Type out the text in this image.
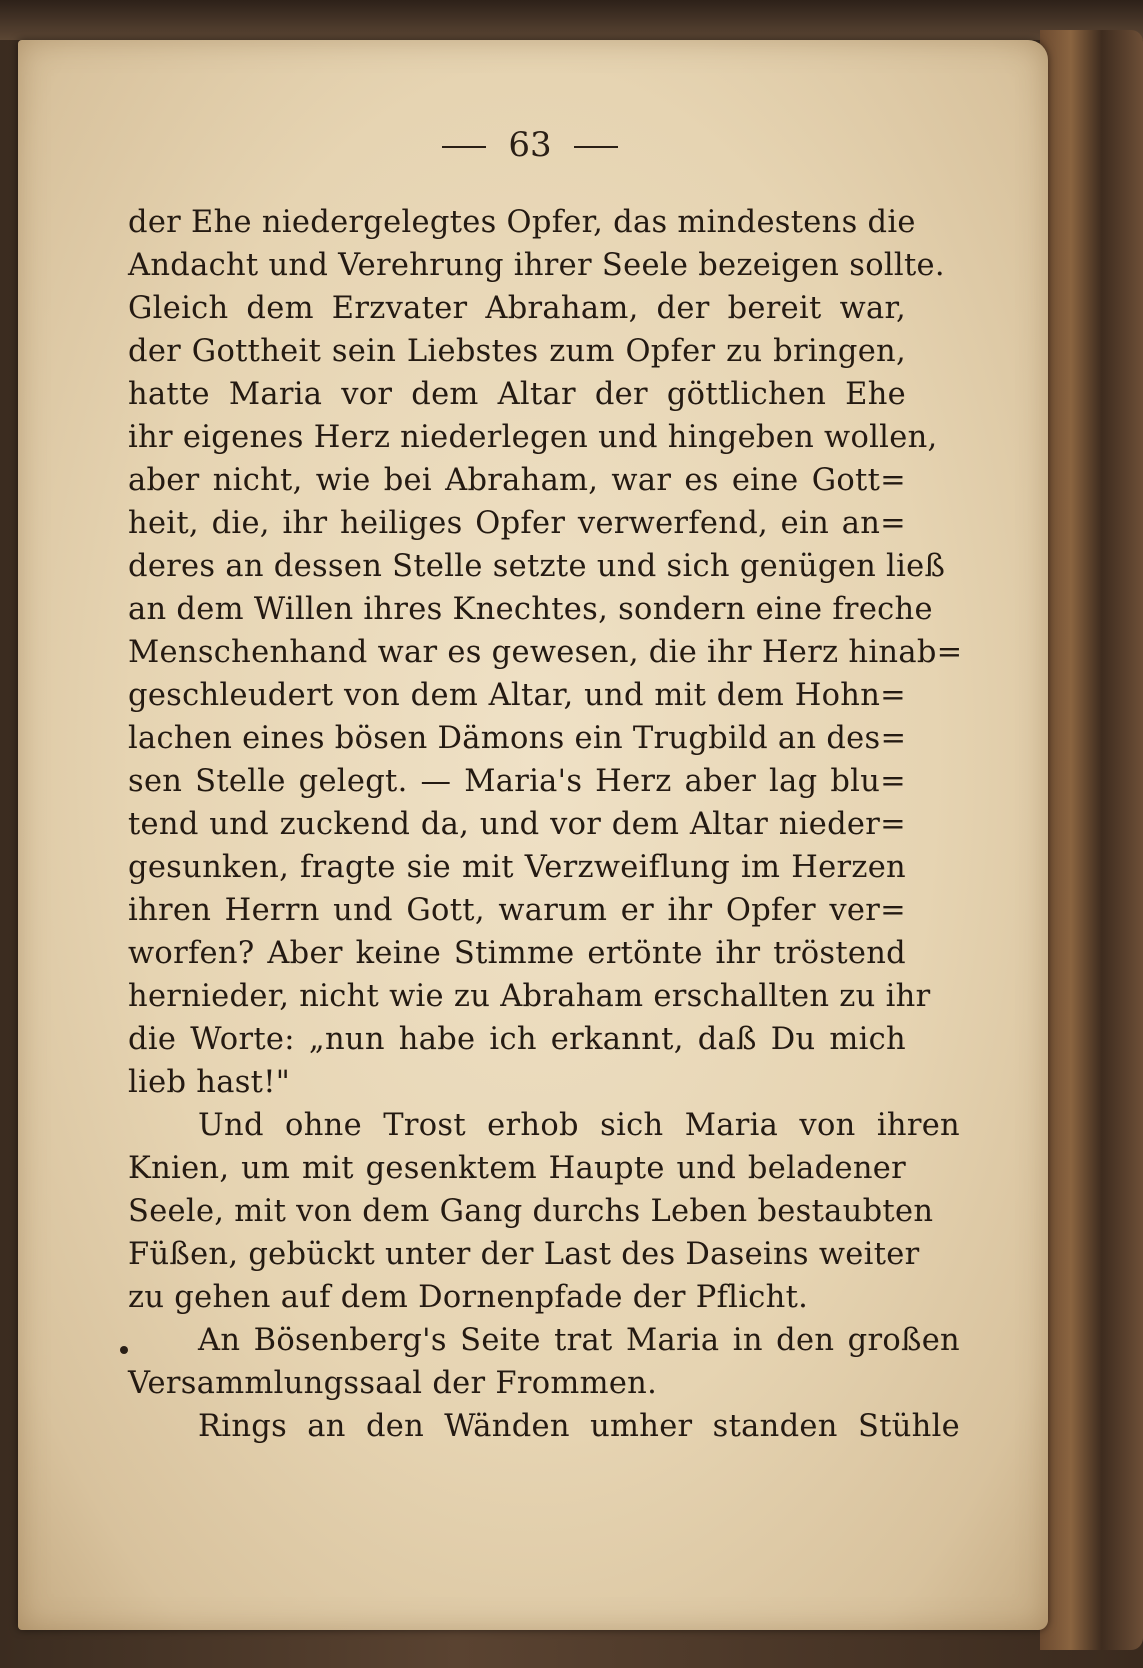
63
der Ehe niedergelegtes Opfer, das mindestens die
Andacht und Verehrung ihrer Seele bezeigen sollte.
Gleich dem Erzvater Abraham, der bereit war,
der Gottheit sein Liebstes zum Opfer zu bringen,
hatte Maria vor dem Altar der göttlichen Ehe
ihr eigenes Herz niederlegen und hingeben wollen,
aber nicht, wie bei Abraham, war es eine Gott=
heit, die, ihr heiliges Opfer verwerfend, ein an=
deres an dessen Stelle setzte und sich genügen ließ
an dem Willen ihres Knechtes, sondern eine freche
Menschenhand war es gewesen, die ihr Herz hinab=
geschleudert von dem Altar, und mit dem Hohn=
lachen eines bösen Dämons ein Trugbild an des=
sen Stelle gelegt. — Maria's Herz aber lag blu=
tend und zuckend da, und vor dem Altar nieder=
gesunken, fragte sie mit Verzweiflung im Herzen
ihren Herrn und Gott, warum er ihr Opfer ver=
worfen? Aber keine Stimme ertönte ihr tröstend
hernieder, nicht wie zu Abraham erschallten zu ihr
die Worte: „nun habe ich erkannt, daß Du mich
lieb hast!"
Und ohne Trost erhob sich Maria von ihren
Knien, um mit gesenktem Haupte und beladener
Seele, mit von dem Gang durchs Leben bestaubten
Füßen, gebückt unter der Last des Daseins weiter
zu gehen auf dem Dornenpfade der Pflicht.
An Bösenberg's Seite trat Maria in den großen
Versammlungssaal der Frommen.
Rings an den Wänden umher standen Stühle
